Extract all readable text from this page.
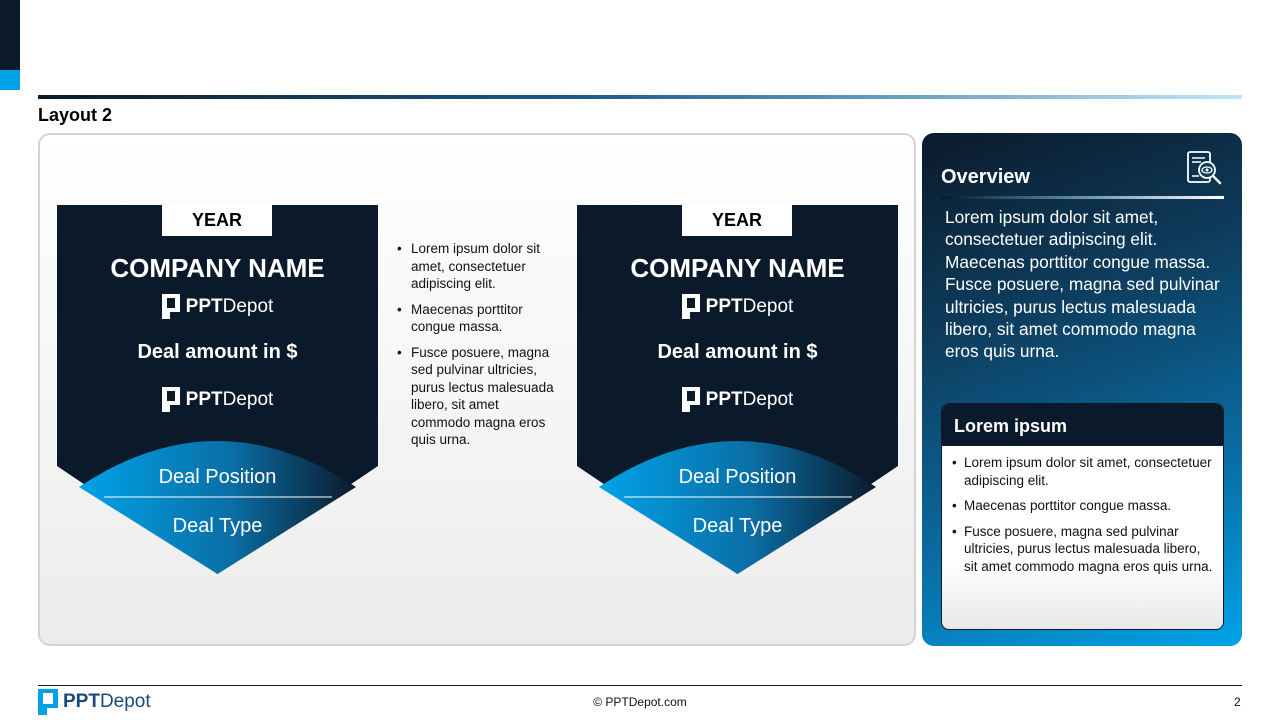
Layout 2
YEAR
COMPANY NAME
PPTDepot
Deal amount in $
PPTDepot
Deal Position
Deal Type
• Lorem ipsum dolor sit amet, consectetuer adipiscing elit.
• Maecenas porttitor congue massa.
• Fusce posuere, magna sed pulvinar ultricies, purus lectus malesuada libero, sit amet commodo magna eros quis urna.
YEAR
COMPANY NAME
PPTDepot
Deal amount in $
PPTDepot
Deal Position
Deal Type
Overview
Lorem ipsum dolor sit amet, consectetuer adipiscing elit. Maecenas porttitor congue massa. Fusce posuere, magna sed pulvinar ultricies, purus lectus malesuada libero, sit amet commodo magna eros quis urna.
Lorem ipsum
• Lorem ipsum dolor sit amet, consectetuer adipiscing elit.
• Maecenas porttitor congue massa.
• Fusce posuere, magna sed pulvinar ultricies, purus lectus malesuada libero, sit amet commodo magna eros quis urna.
PPTDepot	© PPTDepot.com	2
